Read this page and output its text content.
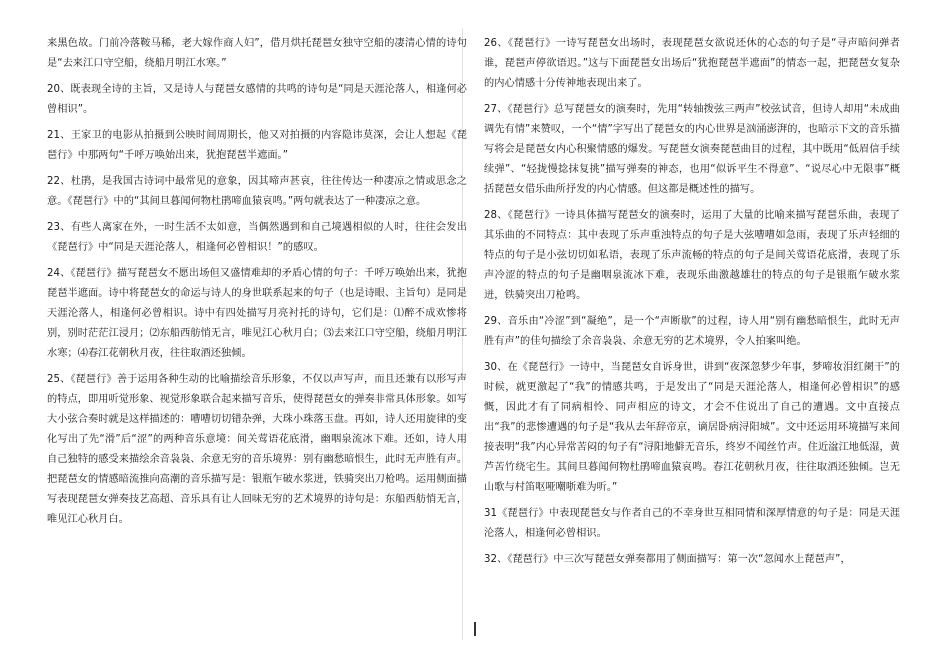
来黑色故。门前冷落鞍马稀，老大嫁作商人妇”，借月烘托琵琶女独守空船的凄清心情的诗句是“去来江口守空船，绕船月明江水寒。”

20、既表现全诗的主旨，又是诗人与琵琶女感情的共鸣的诗句是“同是天涯沦落人，相逢何必曾相识”。

21、王家卫的电影从拍摄到公映时间周期长，他又对拍摄的内容隐讳莫深，会让人想起《琵琶行》中那两句“千呼万唤始出来，犹抱琵琶半遮面。”

22、杜鹃，是我国古诗词中最常见的意象，因其啼声甚哀，往往传达一种凄凉之情或思念之意。《琵琶行》中的“其间旦暮闻何物杜鹃啼血猿哀鸣。”两句就表达了一种凄凉之意。

23、有些人离家在外，一时生活不太如意，当偶然遇到和自己境遇相似的人时，往往会发出《琵琶行》中“同是天涯沦落人，相逢何必曾相识！”的感叹。

24、《琵琶行》描写琵琶女不愿出场但又盛情难却的矛盾心情的句子：千呼万唤始出来，犹抱琵琶半遮面。诗中将琵琶女的命运与诗人的身世联系起来的句子（也是诗眼、主旨句）是同是天涯沦落人，相逢何必曾相识。诗中有四处描写月亮衬托的诗句，它们是：⑴醉不成欢惨将别，别时茫茫江浸月；⑵东船西舫悄无言，唯见江心秋月白；⑶去来江口守空船，绕船月明江水寒；⑷春江花朝秋月夜，往往取酒还独倾。

25、《琵琶行》善于运用各种生动的比喻描绘音乐形象，不仅以声写声，而且还兼有以形写声的特点，即用听觉形象、视觉形象联合起来描写音乐，使得琵琶女的弹奏非常具体形象。如写大小弦合奏时就是这样描述的：嘈嘈切切错杂弹，大珠小珠落玉盘。再如，诗人还用旋律的变化写出了先“滑”后“涩”的两种音乐意境：间关莺语花底滑，幽咽泉流冰下难。还如，诗人用自己独特的感受来描绘余音袅袅、余意无穷的音乐境界：别有幽愁暗恨生，此时无声胜有声。把琵琶女的情感暗流推向高潮的音乐描写是：银瓶乍破水浆迸，铁骑突出刀枪鸣。运用侧面描写表现琵琶女弹奏技艺高超、音乐具有让人回味无穷的艺术境界的诗句是：东船西舫悄无言，唯见江心秋月白。

26、《琵琶行》一诗写琵琶女出场时，表现琵琶女欲说还休的心态的句子是“寻声暗问弹者谁，琵琶声停欲语迟。”这与下面琵琶女出场后“犹抱琵琶半遮面”的情态一起，把琵琶女复杂的内心情感十分传神地表现出来了。

27、《琵琶行》总写琵琶女的演奏时，先用“转轴拨弦三两声”校弦试音，但诗人却用“未成曲调先有情”来赞叹，一个“情”字写出了琵琶女的内心世界是汹涌澎湃的，也暗示下文的音乐描写将会是琵琶女内心积聚情感的爆发。写琵琶女演奏琵琶曲目的过程，其中既用“低眉信手续续弹”、“轻拢慢捻抹复挑”描写弹奏的神态，也用“似诉平生不得意”、“说尽心中无限事”概括琵琶女借乐曲所抒发的内心情感。但这都是概述性的描写。

28、《琵琶行》一诗具体描写琵琶女的演奏时，运用了大量的比喻来描写琵琶乐曲，表现了其乐曲的不同特点：其中表现了乐声重浊特点的句子是大弦嘈嘈如急雨，表现了乐声轻细的特点的句子是小弦切切如私语，表现了乐声流畅的特点的句子是间关莺语花底滑，表现了乐声冷涩的特点的句子是幽咽泉流冰下难，表现乐曲激越雄壮的特点的句子是银瓶乍破水浆迸，铁骑突出刀枪鸣。

29、音乐由“冷涩”到“凝绝”，是一个“声断歇”的过程，诗人用“别有幽愁暗恨生，此时无声胜有声”的佳句描绘了余音袅袅、余意无穷的艺术境界，令人拍案叫绝。

30、在《琵琶行》一诗中，当琵琶女自诉身世，讲到“夜深忽梦少年事，梦啼妆泪红阑干”的时候，就更激起了“我”的情感共鸣，于是发出了“同是天涯沦落人，相逢何必曾相识”的感慨，因此才有了同病相怜、同声相应的诗文，才会不住说出了自己的遭遇。文中直接点出“我”的悲惨遭遇的句子是“我从去年辞帝京，谪居卧病浔阳城”。文中还运用环境描写来间接表明“我”内心异常苦闷的句子有“浔阳地僻无音乐，终岁不闻丝竹声。住近湓江地低湿，黄芦苦竹绕宅生。其间旦暮闻何物杜鹃啼血猿哀鸣。春江花朝秋月夜，往往取酒还独倾。岂无山歌与村笛呕哑嘲哳难为听。”

31《琵琶行》中表现琵琶女与作者自己的不幸身世互相同情和深厚情意的句子是：同是天涯沦落人，相逢何必曾相识。

32、《琵琶行》中三次写琵琶女弹奏都用了侧面描写：第一次“忽闻水上琵琶声”，
